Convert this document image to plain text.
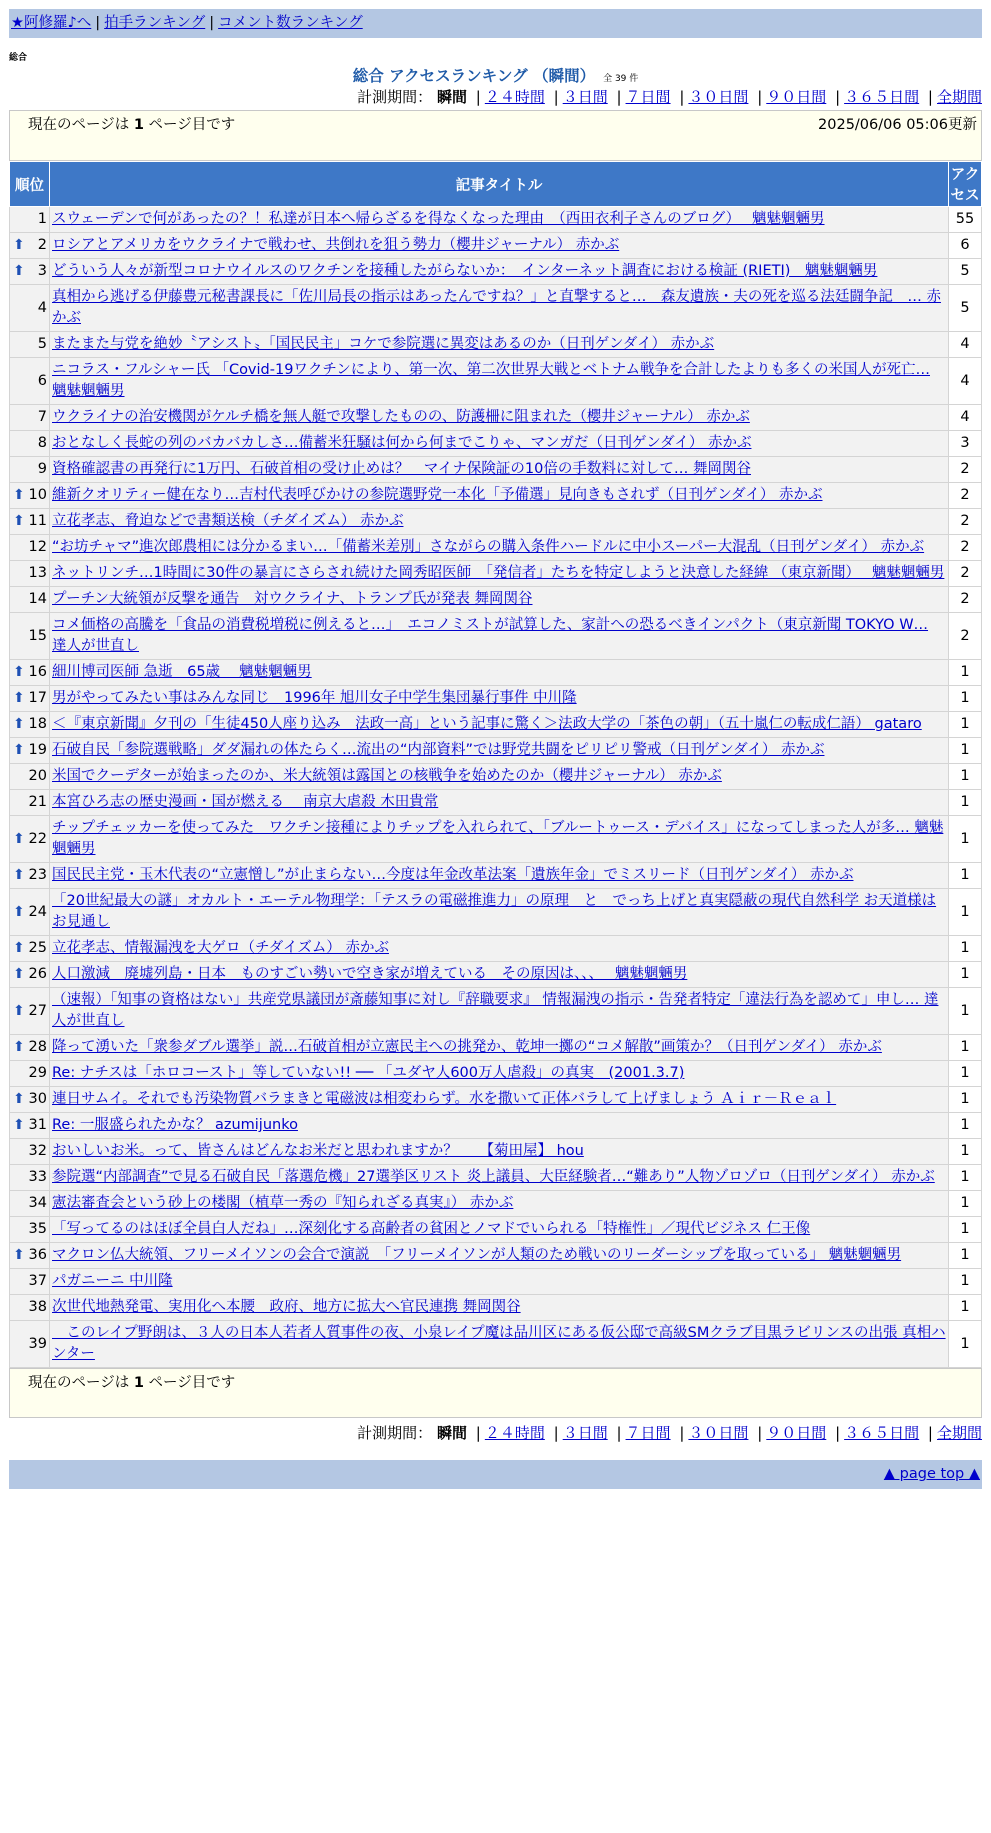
★阿修羅♪へ | 拍手ランキング | コメント数ランキング
総合
総合 アクセスランキング （瞬間） 全 39 件
計測期間： 瞬間 | ２４時間 | ３日間 | ７日間 | ３０日間 | ９０日間 | ３６５日間 | 全期間
現在のページは 1 ページ目です	2025/06/06 05:06更新
順位	記事タイトル	アクセス
1	スウェーデンで何があったの？！私達が日本へ帰らざるを得なくなった理由　（西田衣利子さんのブログ）　 魑魅魍魎男	55

⬆ 2	ロシアとアメリカをウクライナで戦わせ、共倒れを狙う勢力（櫻井ジャーナル） 赤かぶ	6

⬆ 3	どういう人々が新型コロナウイルスのワクチンを接種したがらないか：　インターネット調査における検証 (RIETI)　魑魅魍魎男	5
4	真相から逃げる伊藤豊元秘書課長に「佐川局長の指示はあったんですね？」と直撃すると…　森友遺族・夫の死を巡る法廷闘争記　… 赤かぶ	5
5	またまた与党を絶妙〝アシスト〟「国民民主」コケで参院選に異変はあるのか（日刊ゲンダイ） 赤かぶ	4
6	ニコラス・フルシャー氏 「Covid-19ワクチンにより、第一次、第二次世界大戦とベトナム戦争を合計したよりも多くの米国人が死亡… 魑魅魍魎男	4
7	ウクライナの治安機関がケルチ橋を無人艇で攻撃したものの、防護柵に阻まれた（櫻井ジャーナル） 赤かぶ	4
8	おとなしく長蛇の列のバカバカしさ…備蓄米狂騒は何から何までこりゃ、マンガだ（日刊ゲンダイ） 赤かぶ	3
9	資格確認書の再発行に1万円、石破首相の受け止めは？　マイナ保険証の10倍の手数料に対して… 舞岡関谷	2

⬆ 10	維新クオリティー健在なり…吉村代表呼びかけの参院選野党一本化「予備選」見向きもされず（日刊ゲンダイ） 赤かぶ	2

⬆ 11	立花孝志、脅迫などで書類送検（チダイズム） 赤かぶ	2
12	“お坊チャマ”進次郎農相には分かるまい…「備蓄米差別」さながらの購入条件ハードルに中小スーパー大混乱（日刊ゲンダイ） 赤かぶ	2
13	ネットリンチ…1時間に30件の暴言にさらされ続けた岡秀昭医師　「発信者」たちを特定しようと決意した経緯 （東京新聞）　 魑魅魍魎男	2
14	プーチン大統領が反撃を通告　対ウクライナ、トランプ氏が発表 舞岡関谷	2
15	コメ価格の高騰を「食品の消費税増税に例えると…」　エコノミストが試算した、家計への恐るべきインパクト（東京新聞 TOKYO W… 達人が世直し	2

⬆ 16	細川博司医師 急逝　65歳　 魑魅魍魎男	1

⬆ 17	男がやってみたい事はみんな同じ＿1996年 旭川女子中学生集団暴行事件 中川隆	1

⬆ 18	＜『東京新聞』夕刊の「生徒450人座り込み　法政一高」という記事に驚く＞法政大学の「茶色の朝」（五十嵐仁の転成仁語） gataro	1

⬆ 19	石破自民「参院選戦略」ダダ漏れの体たらく…流出の“内部資料”では野党共闘をピリピリ警戒（日刊ゲンダイ） 赤かぶ	1
20	米国でクーデターが始まったのか、米大統領は露国との核戦争を始めたのか（櫻井ジャーナル） 赤かぶ	1
21	本宮ひろ志の歴史漫画・国が燃える　 南京大虐殺 木田貴常	1

⬆ 22	チップチェッカーを使ってみた　ワクチン接種によりチップを入れられて、「ブルートゥース・デバイス」になってしまった人が多… 魑魅魍魎男	1

⬆ 23	国民民主党・玉木代表の“立憲憎し”が止まらない…今度は年金改革法案「遺族年金」でミスリード（日刊ゲンダイ） 赤かぶ	1

⬆ 24	「20世紀最大の謎」オカルト・エーテル物理学：「テスラの電磁推進力」の原理　と　でっち上げと真実隠蔽の現代自然科学 お天道様はお見通し	1

⬆ 25	立花孝志、情報漏洩を大ゲロ（チダイズム） 赤かぶ	1

⬆ 26	人口激減　廃墟列島・日本　ものすごい勢いで空き家が増えている　その原因は、、、　 魑魅魍魎男	1

⬆ 27	（速報）「知事の資格はない」共産党県議団が斎藤知事に対し『辞職要求』 情報漏洩の指示・告発者特定「違法行為を認めて」申し… 達人が世直し	1

⬆ 28	降って湧いた「衆参ダブル選挙」説…石破首相が立憲民主への挑発か、乾坤一擲の“コメ解散”画策か？（日刊ゲンダイ） 赤かぶ	1
29	Re: ナチスは「ホロコースト」等していない!! ── 「ユダヤ人600万人虐殺」の真実　(2001.3.7)	1

⬆ 30	連日サムイ。それでも汚染物質バラまきと電磁波は相変わらず。水を撒いて正体バラして上げましょう Ａｉｒ－Ｒｅａｌ	1

⬆ 31	Re: 一服盛られたかな？ azumijunko	1
32	おいしいお米。って、皆さんはどんなお米だと思われますか？　　【菊田屋】 hou	1
33	参院選“内部調査”で見る石破自民「落選危機」27選挙区リスト 炎上議員、大臣経験者…“難あり”人物ゾロゾロ（日刊ゲンダイ） 赤かぶ	1
34	憲法審査会という砂上の楼閣（植草一秀の『知られざる真実』） 赤かぶ	1
35	「写ってるのはほぼ全員白人だね」…深刻化する高齢者の貧困とノマドでいられる「特権性」／現代ビジネス 仁王像	1

⬆ 36	マクロン仏大統領、フリーメイソンの会合で演説　「フリーメイソンが人類のため戦いのリーダーシップを取っている」 魑魅魍魎男	1
37	パガニーニ 中川隆	1
38	次世代地熱発電、実用化へ本腰　政府、地方に拡大へ官民連携 舞岡関谷	1
39	　このレイプ野朗は、３人の日本人若者人質事件の夜、小泉レイプ魔は品川区にある仮公邸で高級SMクラブ目黒ラビリンスの出張 真相ハンター	1
現在のページは 1 ページ目です
計測期間： 瞬間 | ２４時間 | ３日間 | ７日間 | ３０日間 | ９０日間 | ３６５日間 | 全期間
▲ page top ▲
